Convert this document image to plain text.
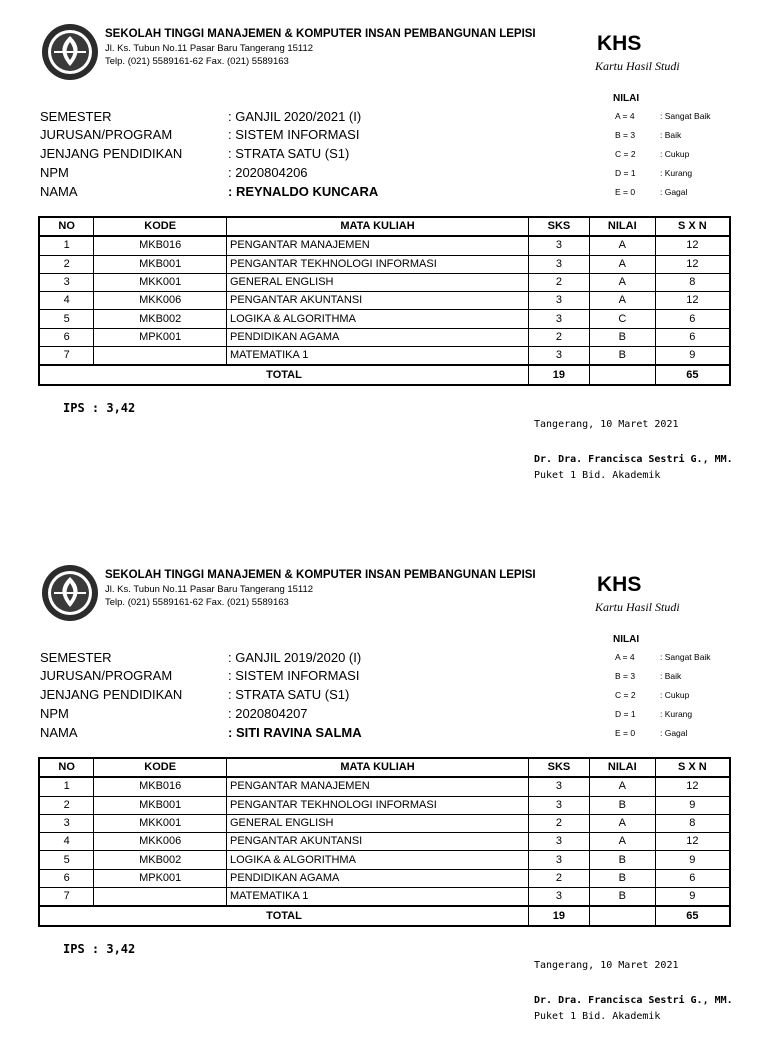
SEKOLAH TINGGI MANAJEMEN & KOMPUTER INSAN PEMBANGUNAN LEPISI
Jl. Ks. Tubun No.11 Pasar Baru Tangerang 15112
Telp. (021) 5589161-62 Fax. (021) 5589163
KHS
Kartu Hasil Studi
NILAI
A = 4	: Sangat Baik
B = 3	: Baik
C = 2	: Cukup
D = 1	: Kurang
E = 0	: Gagal
SEMESTER	: GANJIL 2020/2021 (I)
JURUSAN/PROGRAM	: SISTEM INFORMASI
JENJANG PENDIDIKAN	: STRATA SATU (S1)
NPM	: 2020804206
NAMA	: REYNALDO KUNCARA
NO	KODE	MATA KULIAH	SKS	NILAI	S X N
1	MKB016	PENGANTAR MANAJEMEN	3	A	12
2	MKB001	PENGANTAR TEKHNOLOGI INFORMASI	3	A	12
3	MKK001	GENERAL ENGLISH	2	A	8
4	MKK006	PENGANTAR AKUNTANSI	3	A	12
5	MKB002	LOGIKA & ALGORITHMA	3	C	6
6	MPK001	PENDIDIKAN AGAMA	2	B	6
7		MATEMATIKA 1	3	B	9
TOTAL			19		65
IPS : 3,42
Tangerang, 10 Maret 2021
Dr. Dra. Francisca Sestri G., MM.
Puket 1 Bid. Akademik
SEKOLAH TINGGI MANAJEMEN & KOMPUTER INSAN PEMBANGUNAN LEPISI
Jl. Ks. Tubun No.11 Pasar Baru Tangerang 15112
Telp. (021) 5589161-62 Fax. (021) 5589163
KHS
Kartu Hasil Studi
NILAI
A = 4	: Sangat Baik
B = 3	: Baik
C = 2	: Cukup
D = 1	: Kurang
E = 0	: Gagal
SEMESTER	: GANJIL 2019/2020 (I)
JURUSAN/PROGRAM	: SISTEM INFORMASI
JENJANG PENDIDIKAN	: STRATA SATU (S1)
NPM	: 2020804207
NAMA	: SITI RAVINA SALMA
NO	KODE	MATA KULIAH	SKS	NILAI	S X N
1	MKB016	PENGANTAR MANAJEMEN	3	A	12
2	MKB001	PENGANTAR TEKHNOLOGI INFORMASI	3	B	9
3	MKK001	GENERAL ENGLISH	2	A	8
4	MKK006	PENGANTAR AKUNTANSI	3	A	12
5	MKB002	LOGIKA & ALGORITHMA	3	B	9
6	MPK001	PENDIDIKAN AGAMA	2	B	6
7		MATEMATIKA 1	3	B	9
TOTAL			19		65
IPS : 3,42
Tangerang, 10 Maret 2021
Dr. Dra. Francisca Sestri G., MM.
Puket 1 Bid. Akademik
